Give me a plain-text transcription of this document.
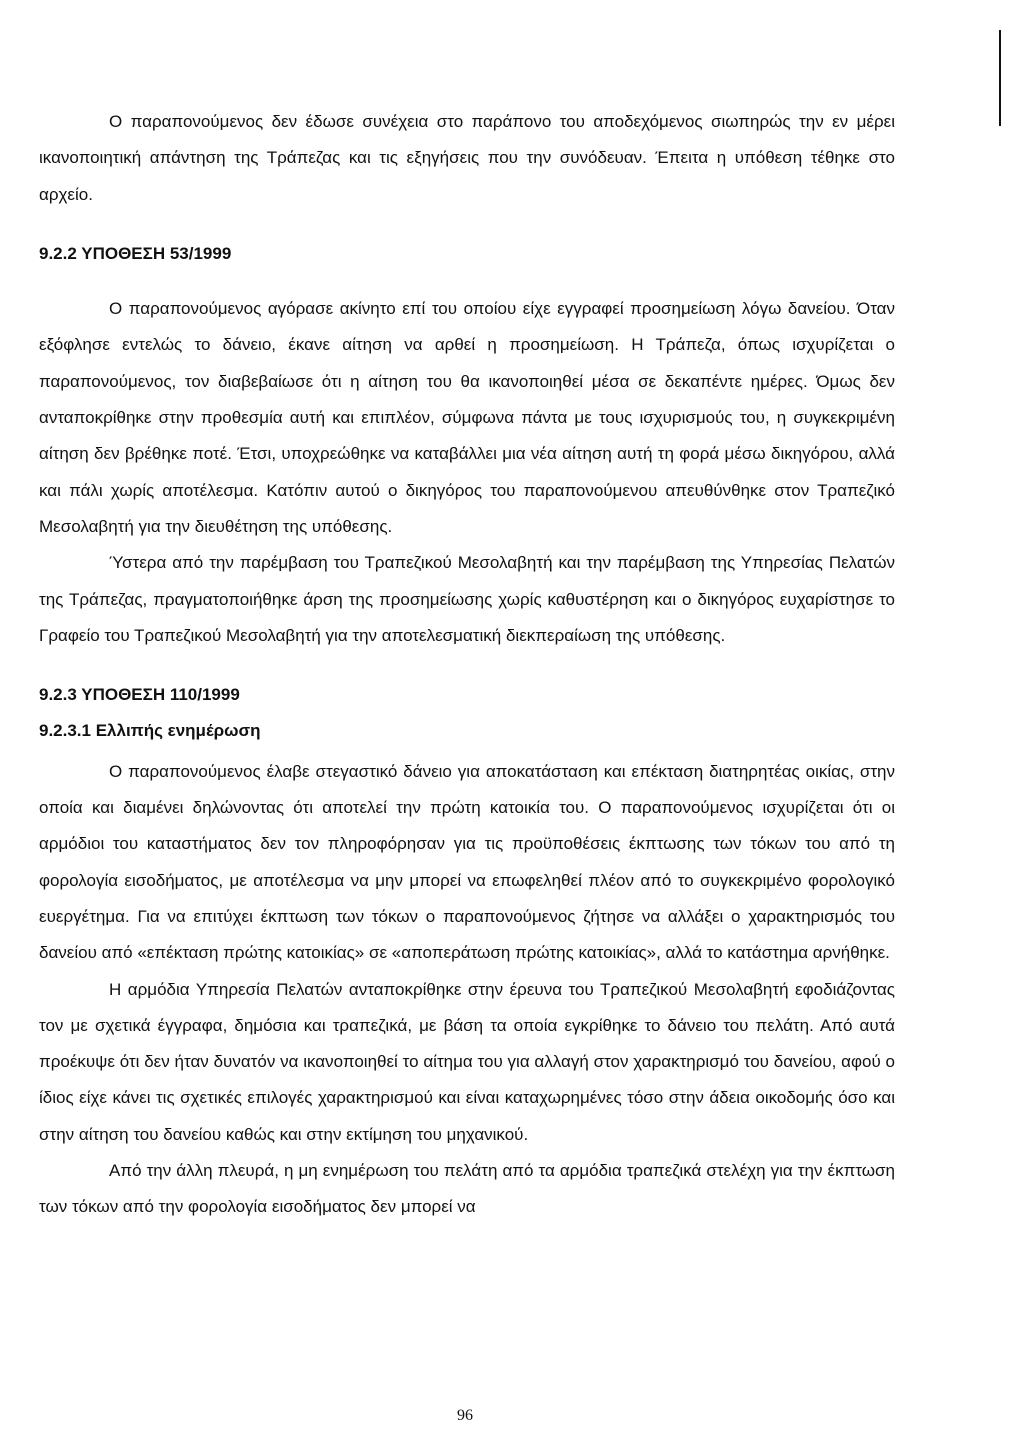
Ο παραπονούμενος δεν έδωσε συνέχεια στο παράπονο του αποδεχόμενος σιωπηρώς την εν μέρει ικανοποιητική απάντηση της Τράπεζας και τις εξηγήσεις που την συνόδευαν. Έπειτα η υπόθεση τέθηκε στο αρχείο.

9.2.2 ΥΠΟΘΕΣΗ 53/1999

Ο παραπονούμενος αγόρασε ακίνητο επί του οποίου είχε εγγραφεί προσημείωση λόγω δανείου. Όταν εξόφλησε εντελώς το δάνειο, έκανε αίτηση να αρθεί η προσημείωση. Η Τράπεζα, όπως ισχυρίζεται ο παραπονούμενος, τον διαβεβαίωσε ότι η αίτηση του θα ικανοποιηθεί μέσα σε δεκαπέντε ημέρες. Όμως δεν ανταποκρίθηκε στην προθεσμία αυτή και επιπλέον, σύμφωνα πάντα με τους ισχυρισμούς του, η συγκεκριμένη αίτηση δεν βρέθηκε ποτέ. Έτσι, υποχρεώθηκε να καταβάλλει μια νέα αίτηση αυτή τη φορά μέσω δικηγόρου, αλλά και πάλι χωρίς αποτέλεσμα. Κατόπιν αυτού ο δικηγόρος του παραπονούμενου απευθύνθηκε στον Τραπεζικό Μεσολαβητή για την διευθέτηση της υπόθεσης.

Ύστερα από την παρέμβαση του Τραπεζικού Μεσολαβητή και την παρέμβαση της Υπηρεσίας Πελατών της Τράπεζας, πραγματοποιήθηκε άρση της προσημείωσης χωρίς καθυστέρηση και ο δικηγόρος ευχαρίστησε το Γραφείο του Τραπεζικού Μεσολαβητή για την αποτελεσματική διεκπεραίωση της υπόθεσης.

9.2.3 ΥΠΟΘΕΣΗ 110/1999
9.2.3.1 Ελλιπής ενημέρωση

Ο παραπονούμενος έλαβε στεγαστικό δάνειο για αποκατάσταση και επέκταση διατηρητέας οικίας, στην οποία και διαμένει δηλώνοντας ότι αποτελεί την πρώτη κατοικία του. Ο παραπονούμενος ισχυρίζεται ότι οι αρμόδιοι του καταστήματος δεν τον πληροφόρησαν για τις προϋποθέσεις έκπτωσης των τόκων του από τη φορολογία εισοδήματος, με αποτέλεσμα να μην μπορεί να επωφεληθεί πλέον από το συγκεκριμένο φορολογικό ευεργέτημα. Για να επιτύχει έκπτωση των τόκων ο παραπονούμενος ζήτησε να αλλάξει ο χαρακτηρισμός του δανείου από «επέκταση πρώτης κατοικίας» σε «αποπεράτωση πρώτης κατοικίας», αλλά το κατάστημα αρνήθηκε.

Η αρμόδια Υπηρεσία Πελατών ανταποκρίθηκε στην έρευνα του Τραπεζικού Μεσολαβητή εφοδιάζοντας τον με σχετικά έγγραφα, δημόσια και τραπεζικά, με βάση τα οποία εγκρίθηκε το δάνειο του πελάτη. Από αυτά προέκυψε ότι δεν ήταν δυνατόν να ικανοποιηθεί το αίτημα του για αλλαγή στον χαρακτηρισμό του δανείου, αφού ο ίδιος είχε κάνει τις σχετικές επιλογές χαρακτηρισμού και είναι καταχωρημένες τόσο στην άδεια οικοδομής όσο και στην αίτηση του δανείου καθώς και στην εκτίμηση του μηχανικού.

Από την άλλη πλευρά, η μη ενημέρωση του πελάτη από τα αρμόδια τραπεζικά στελέχη για την έκπτωση των τόκων από την φορολογία εισοδήματος δεν μπορεί να

96
